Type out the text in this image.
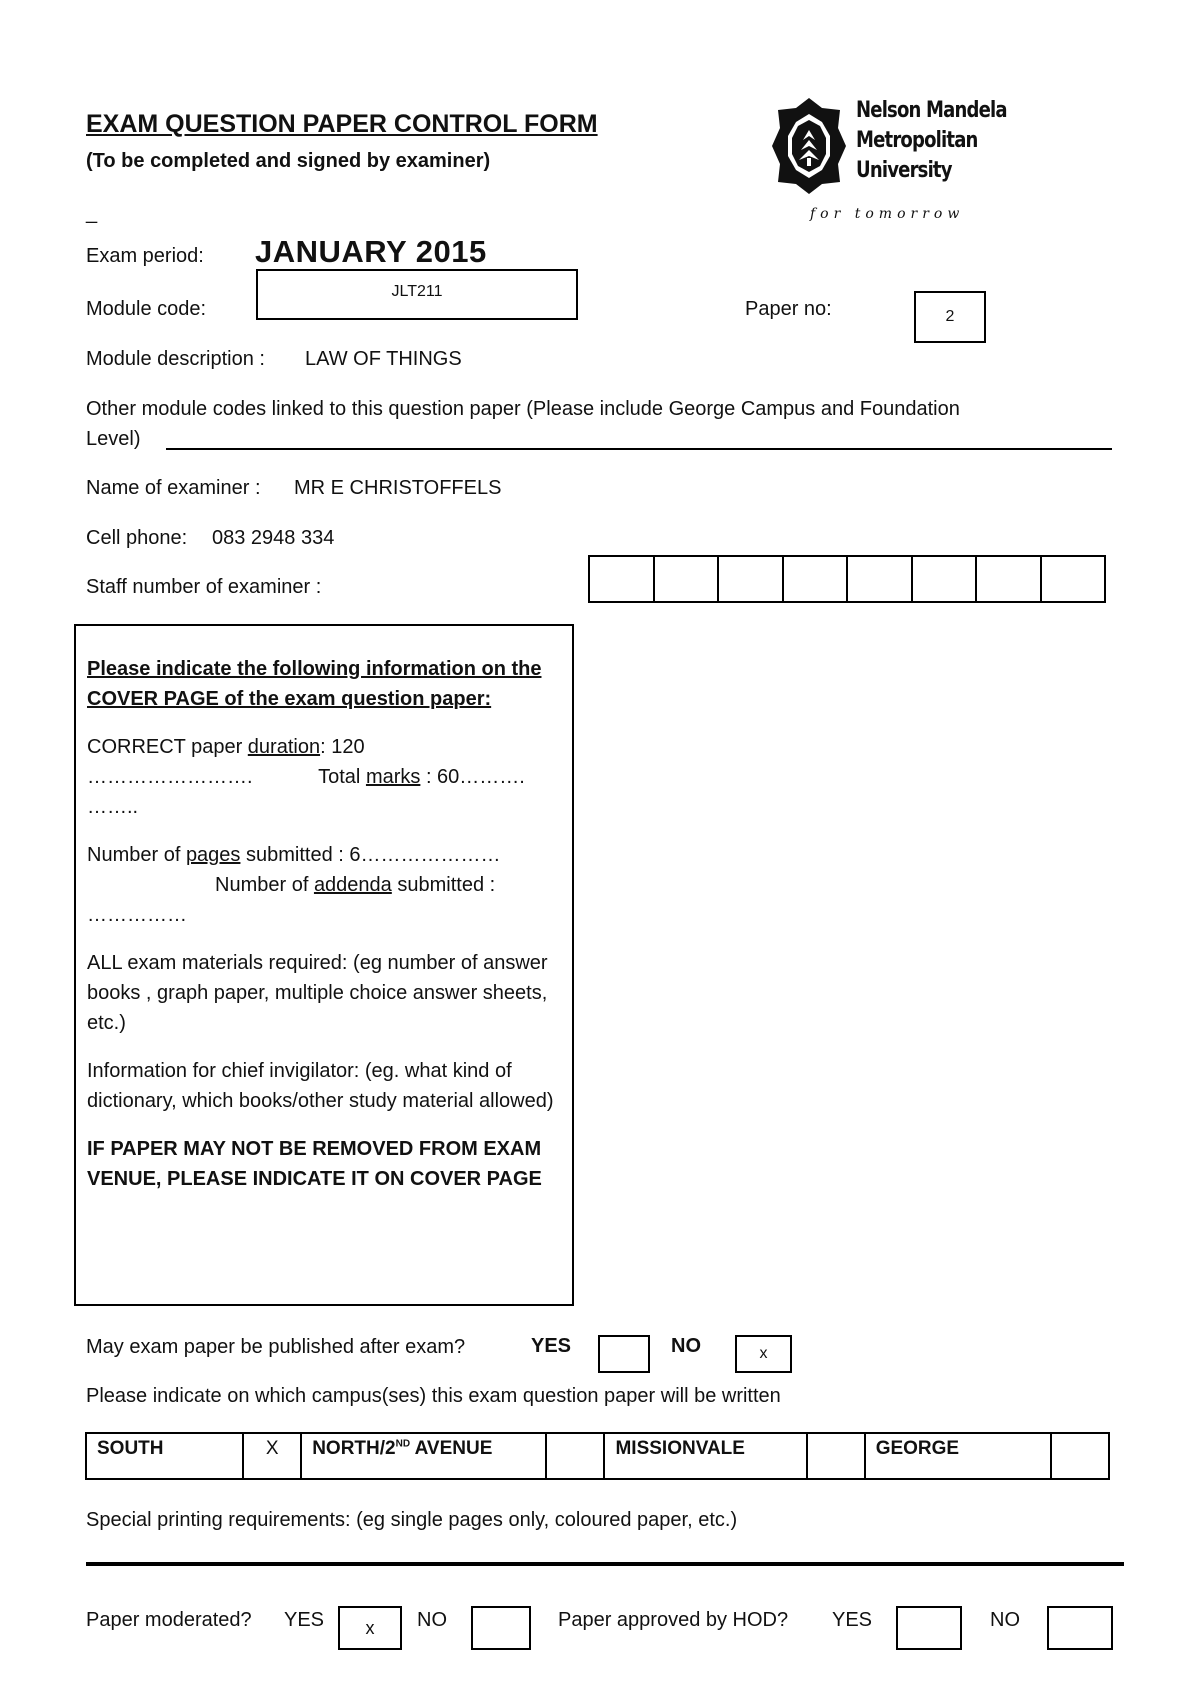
EXAM QUESTION PAPER CONTROL FORM
(To be completed and signed by examiner)
_
Nelson Mandela
Metropolitan
University
for tomorrow
Exam period: JANUARY 2015
Module code:
JLT211
Paper no:	2
Module description : LAW OF THINGS
Other module codes linked to this question paper (Please include George Campus and Foundation
Level)
Name of examiner : MR E CHRISTOFFELS
Cell phone: 083 2948 334
Staff number of examiner :

Please indicate the following information on the COVER PAGE of the exam question paper:

CORRECT paper duration: 120
…………………….	Total marks : 60………. ……..

Number of pages submitted : 6…………………
Number of addenda submitted :
……………

ALL exam materials required: (eg number of answer books , graph paper, multiple choice answer sheets, etc.)

Information for chief invigilator: (eg. what kind of dictionary, which books/other study material allowed)

IF PAPER MAY NOT BE REMOVED FROM EXAM VENUE, PLEASE INDICATE IT ON COVER PAGE

May exam paper be published after exam?	YES	NO	x
Please indicate on which campus(ses) this exam question paper will be written
SOUTH	X	NORTH/2ND AVENUE		MISSIONVALE		GEORGE	
Special printing requirements: (eg single pages only, coloured paper, etc.)
Paper moderated? YES	x	NO	Paper approved by HOD? YES	NO
